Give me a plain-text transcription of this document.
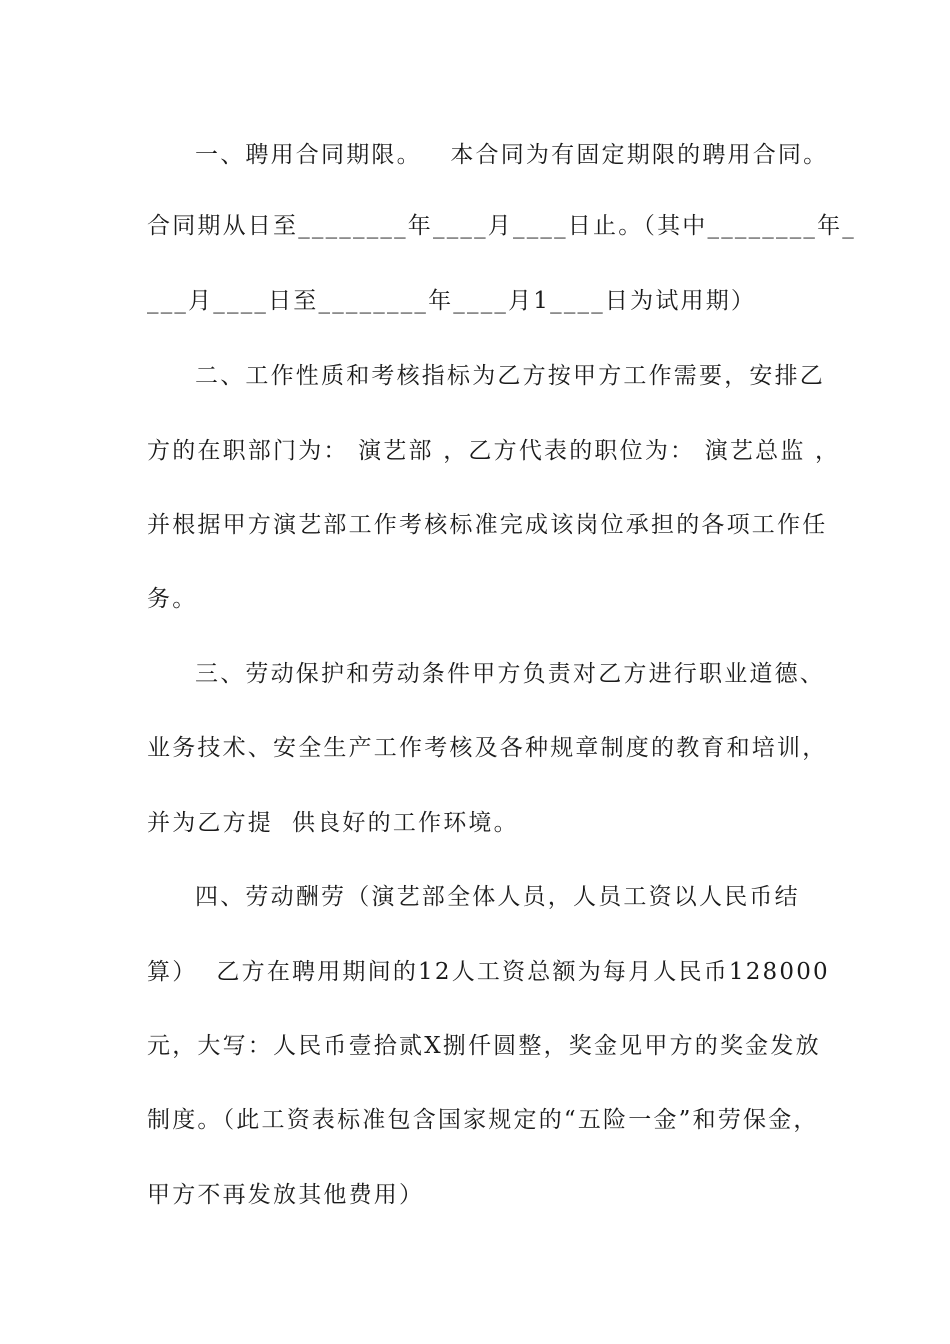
一、聘用合同期限。   本合同为有固定期限的聘用合同。
合同期从日至________年____月____日止。（其中________年_
___月____日至________年____月1____日为试用期）
二、工作性质和考核指标为乙方按甲方工作需要，安排乙
方的在职部门为： 演艺部 ，乙方代表的职位为： 演艺总监 ，
并根据甲方演艺部工作考核标准完成该岗位承担的各项工作任
务。
三、劳动保护和劳动条件甲方负责对乙方进行职业道德、
业务技术、安全生产工作考核及各种规章制度的教育和培训，
并为乙方提  供良好的工作环境。
四、劳动酬劳（演艺部全体人员，人员工资以人民币结
算）  乙方在聘用期间的12人工资总额为每月人民币128000
元，大写：人民币壹拾贰X捌仟圆整，奖金见甲方的奖金发放
制度。（此工资表标准包含国家规定的“五险一金”和劳保金，
甲方不再发放其他费用）
